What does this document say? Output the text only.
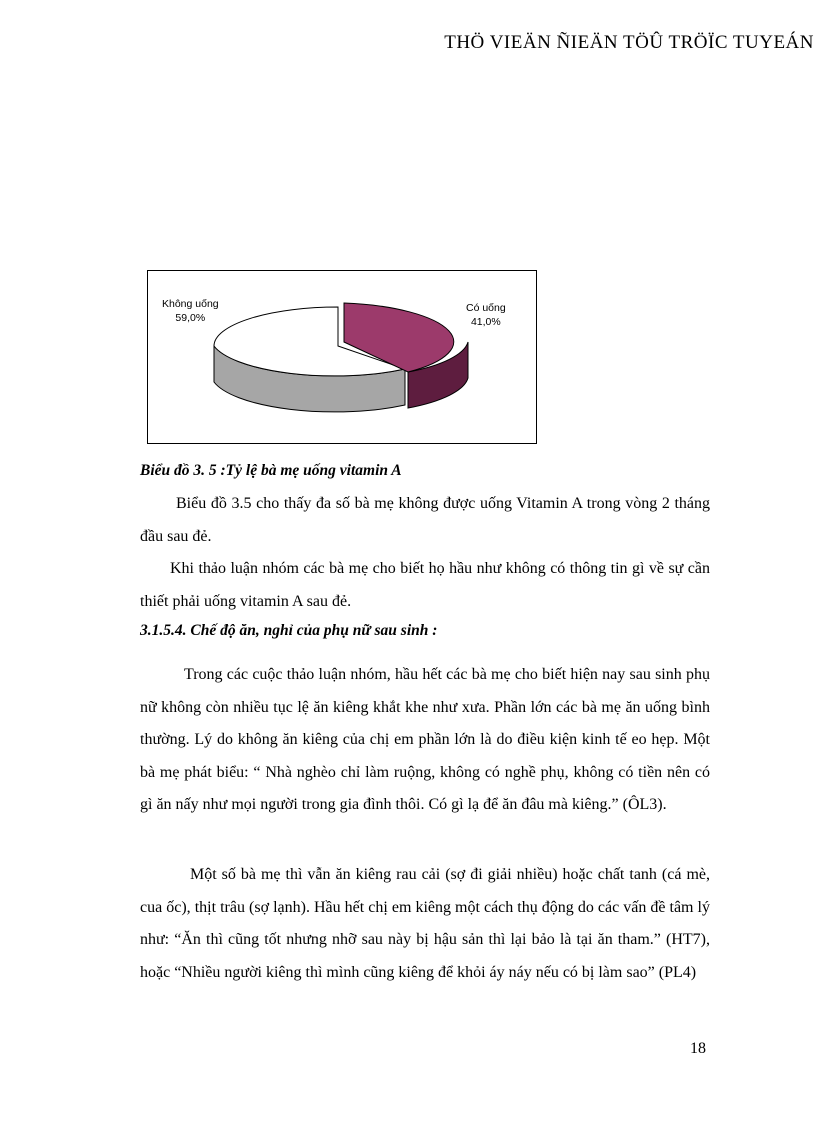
THÖ VIEÄN ÑIEÄN TÖÛ TRÖÏC TUYEÁN
Không uống
59,0%
Có uống
41,0%
Biểu đồ 3. 5 :Tỷ lệ bà mẹ uống vitamin A
Biểu đồ 3.5 cho thấy đa số bà mẹ không được uống Vitamin A trong vòng 2 tháng đầu sau đẻ.
Khi thảo luận nhóm các bà mẹ cho biết họ hầu như không có thông tin gì về sự cần thiết phải uống vitamin A sau đẻ.
3.1.5.4. Chế độ ăn, nghỉ của phụ nữ sau sinh :
Trong các cuộc thảo luận nhóm, hầu hết các bà mẹ cho biết hiện nay sau sinh phụ nữ không còn nhiều tục lệ ăn kiêng khắt khe như xưa. Phần lớn các bà mẹ ăn uống bình thường. Lý do không ăn kiêng của chị em phần lớn là do điều kiện kinh tế eo hẹp. Một bà mẹ phát biểu: “ Nhà nghèo chỉ làm ruộng, không có nghề phụ, không có tiền nên có gì ăn nấy như mọi người trong gia đình thôi. Có gì lạ để ăn đâu mà kiêng.” (ÔL3).
Một số bà mẹ thì vẫn ăn kiêng rau cải (sợ đi giải nhiều) hoặc chất tanh (cá mè, cua ốc), thịt trâu (sợ lạnh). Hầu hết chị em kiêng một cách thụ động do các vấn đề tâm lý như: “Ăn thì cũng tốt nhưng nhỡ sau này bị hậu sản thì lại bảo là tại ăn tham.” (HT7), hoặc “Nhiều người kiêng thì mình cũng kiêng để khỏi áy náy nếu có bị làm sao” (PL4)
18
